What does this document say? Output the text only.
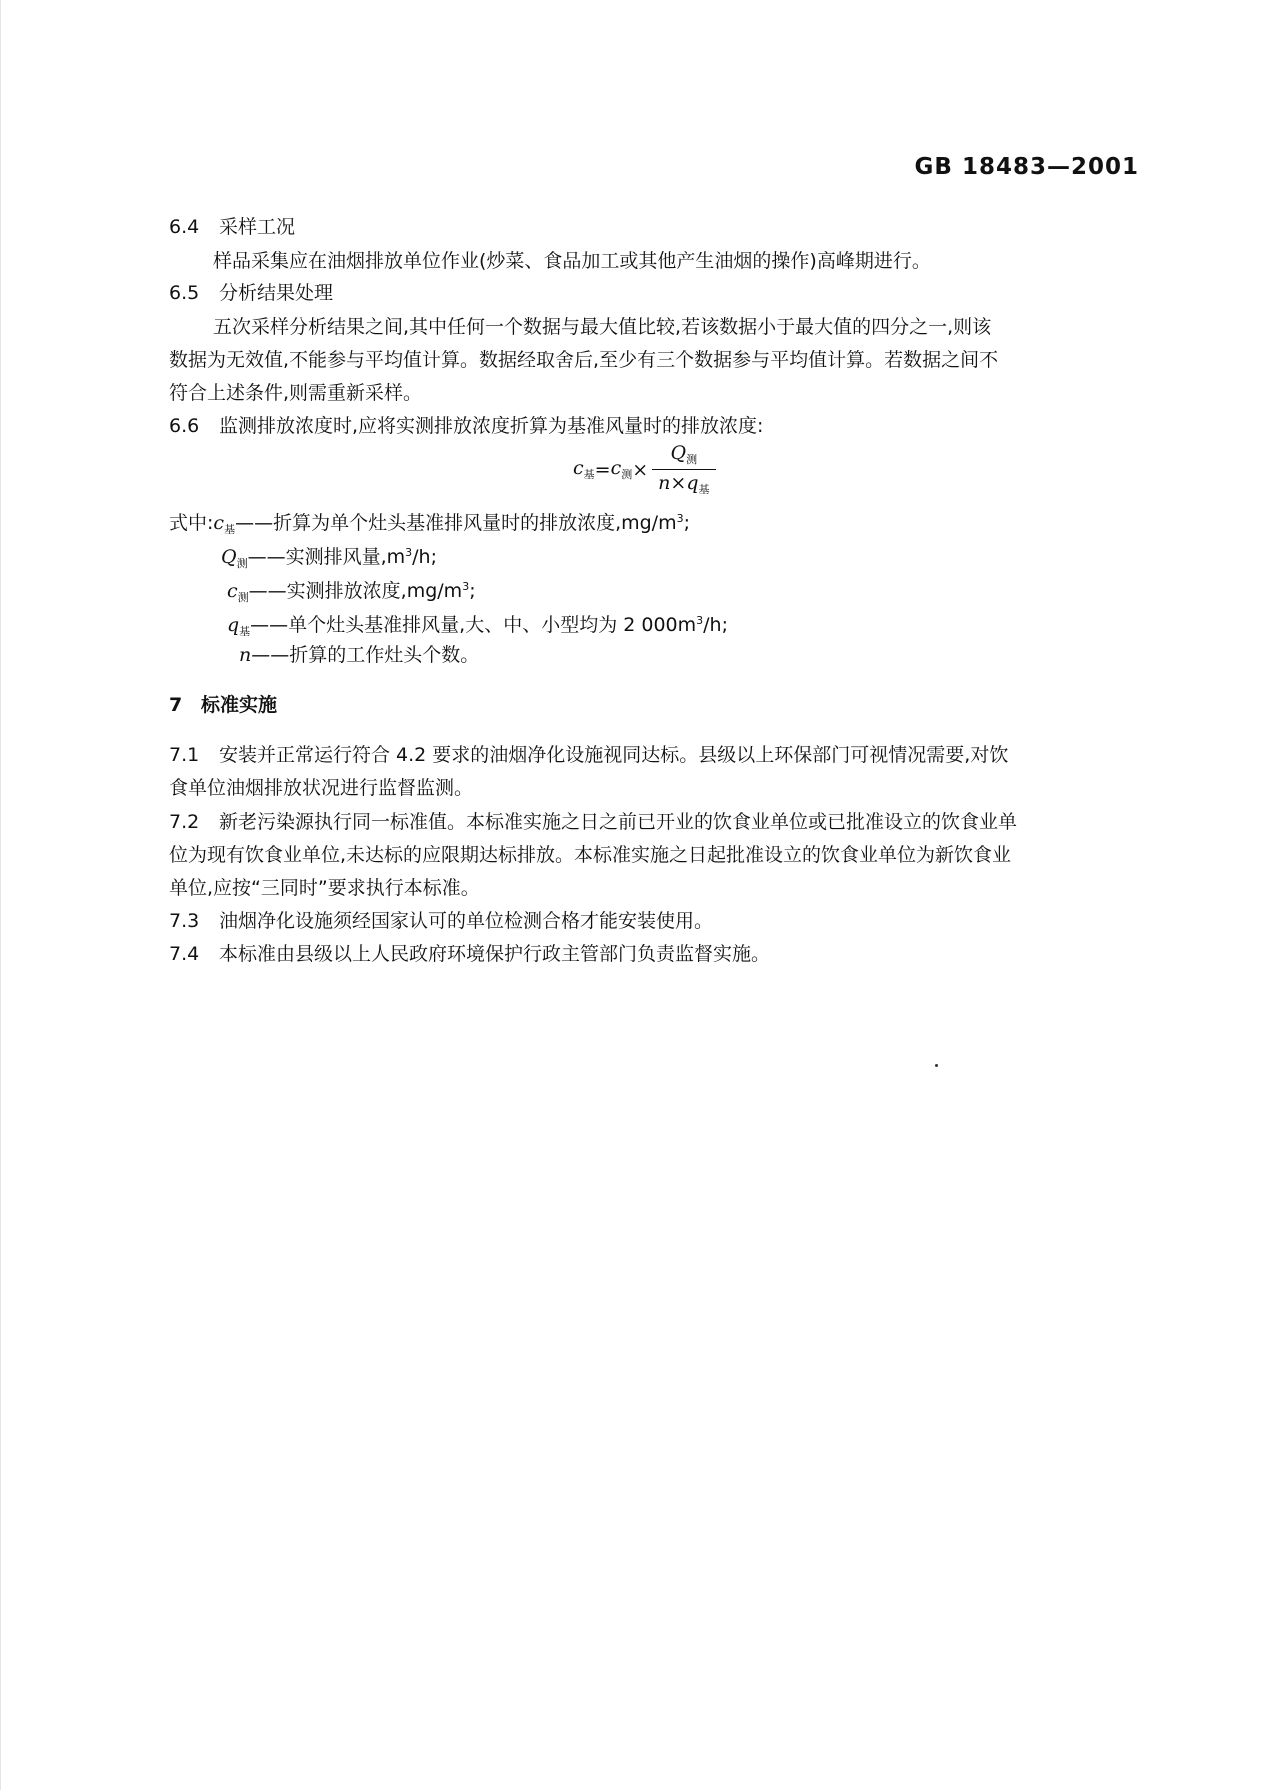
GB 18483—2001
6.4 采样工况
样品采集应在油烟排放单位作业(炒菜、食品加工或其他产生油烟的操作)高峰期进行。
6.5 分析结果处理
五次采样分析结果之间,其中任何一个数据与最大值比较,若该数据小于最大值的四分之一,则该
数据为无效值,不能参与平均值计算。数据经取舍后,至少有三个数据参与平均值计算。若数据之间不
符合上述条件,则需重新采样。
6.6 监测排放浓度时,应将实测排放浓度折算为基准风量时的排放浓度:
$c_基 = c_测 \times \frac{Q_测}{n\times q_基}$
式中$:c_基——$折算为单个灶头基准排风量时的排放浓度$,mg/m^3$;
$Q_测——$实测排风量$,m^3/h$;
$c_测——$实测排放浓度$,mg/m^3$;
$q_基——$单个灶头基准排风量,大、中、小型均为 2 $000m^3/h$;
n——折算的工作灶头个数。
7 标准实施
7.1 安装并正常运行符合 4.2 要求的油烟净化设施视同达标。县级以上环保部门可视情况需要,对饮
食单位油烟排放状况进行监督监测。
7.2 新老污染源执行同一标准值。本标准实施之日之前已开业的饮食业单位或已批准设立的饮食业单
位为现有饮食业单位,未达标的应限期达标排放。本标准实施之日起批准设立的饮食业单位为新饮食业
单位,应按“三同时”要求执行本标准。
7.3 油烟净化设施须经国家认可的单位检测合格才能安装使用。
7.4 本标准由县级以上人民政府环境保护行政主管部门负责监督实施。
